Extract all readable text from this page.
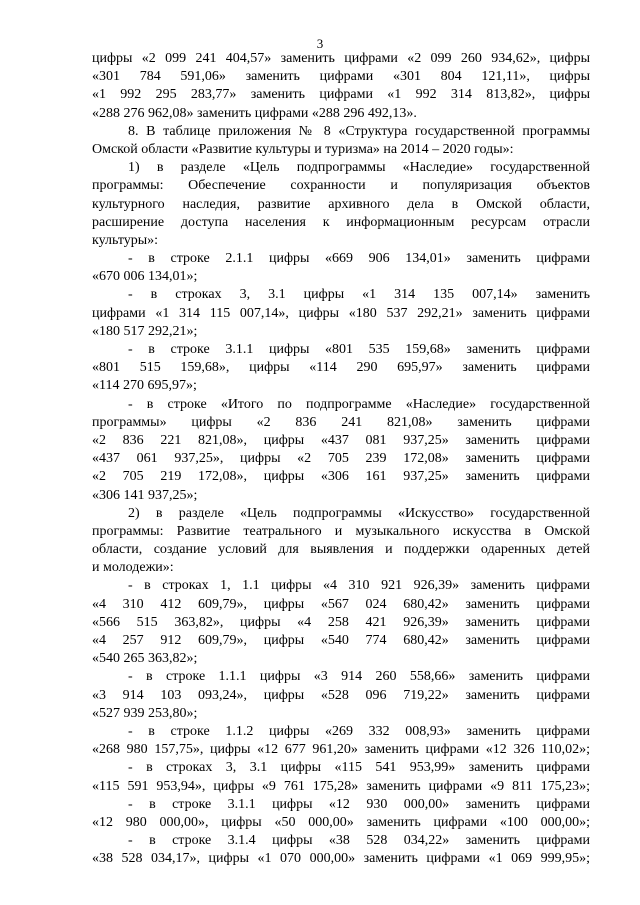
3
цифры «2 099 241 404,57» заменить цифрами «2 099 260 934,62», цифры
«301 784 591,06» заменить цифрами «301 804 121,11», цифры
«1 992 295 283,77» заменить цифрами «1 992 314 813,82», цифры
«288 276 962,08» заменить цифрами «288 296 492,13».
8. В таблице приложения № 8 «Структура государственной программы
Омской области «Развитие культуры и туризма» на 2014 – 2020 годы»:
1) в разделе «Цель подпрограммы «Наследие» государственной
программы: Обеспечение сохранности и популяризация объектов
культурного наследия, развитие архивного дела в Омской области,
расширение доступа населения к информационным ресурсам отрасли
культуры»:
- в строке 2.1.1 цифры «669 906 134,01» заменить цифрами
«670 006 134,01»;
- в строках 3, 3.1 цифры «1 314 135 007,14» заменить
цифрами «1 314 115 007,14», цифры «180 537 292,21» заменить цифрами
«180 517 292,21»;
- в строке 3.1.1 цифры «801 535 159,68» заменить цифрами
«801 515 159,68», цифры «114 290 695,97» заменить цифрами
«114 270 695,97»;
- в строке «Итого по подпрограмме «Наследие» государственной
программы» цифры «2 836 241 821,08» заменить цифрами
«2 836 221 821,08», цифры «437 081 937,25» заменить цифрами
«437 061 937,25», цифры «2 705 239 172,08» заменить цифрами
«2 705 219 172,08», цифры «306 161 937,25» заменить цифрами
«306 141 937,25»;
2) в разделе «Цель подпрограммы «Искусство» государственной
программы: Развитие театрального и музыкального искусства в Омской
области, создание условий для выявления и поддержки одаренных детей
и молодежи»:
- в строках 1, 1.1 цифры «4 310 921 926,39» заменить цифрами
«4 310 412 609,79», цифры «567 024 680,42» заменить цифрами
«566 515 363,82», цифры «4 258 421 926,39» заменить цифрами
«4 257 912 609,79», цифры «540 774 680,42» заменить цифрами
«540 265 363,82»;
- в строке 1.1.1 цифры «3 914 260 558,66» заменить цифрами
«3 914 103 093,24», цифры «528 096 719,22» заменить цифрами
«527 939 253,80»;
- в строке 1.1.2 цифры «269 332 008,93» заменить цифрами
«268 980 157,75», цифры «12 677 961,20» заменить цифрами «12 326 110,02»;
- в строках 3, 3.1 цифры «115 541 953,99» заменить цифрами
«115 591 953,94», цифры «9 761 175,28» заменить цифрами «9 811 175,23»;
- в строке 3.1.1 цифры «12 930 000,00» заменить цифрами
«12 980 000,00», цифры «50 000,00» заменить цифрами «100 000,00»;
- в строке 3.1.4 цифры «38 528 034,22» заменить цифрами
«38 528 034,17», цифры «1 070 000,00» заменить цифрами «1 069 999,95»;
